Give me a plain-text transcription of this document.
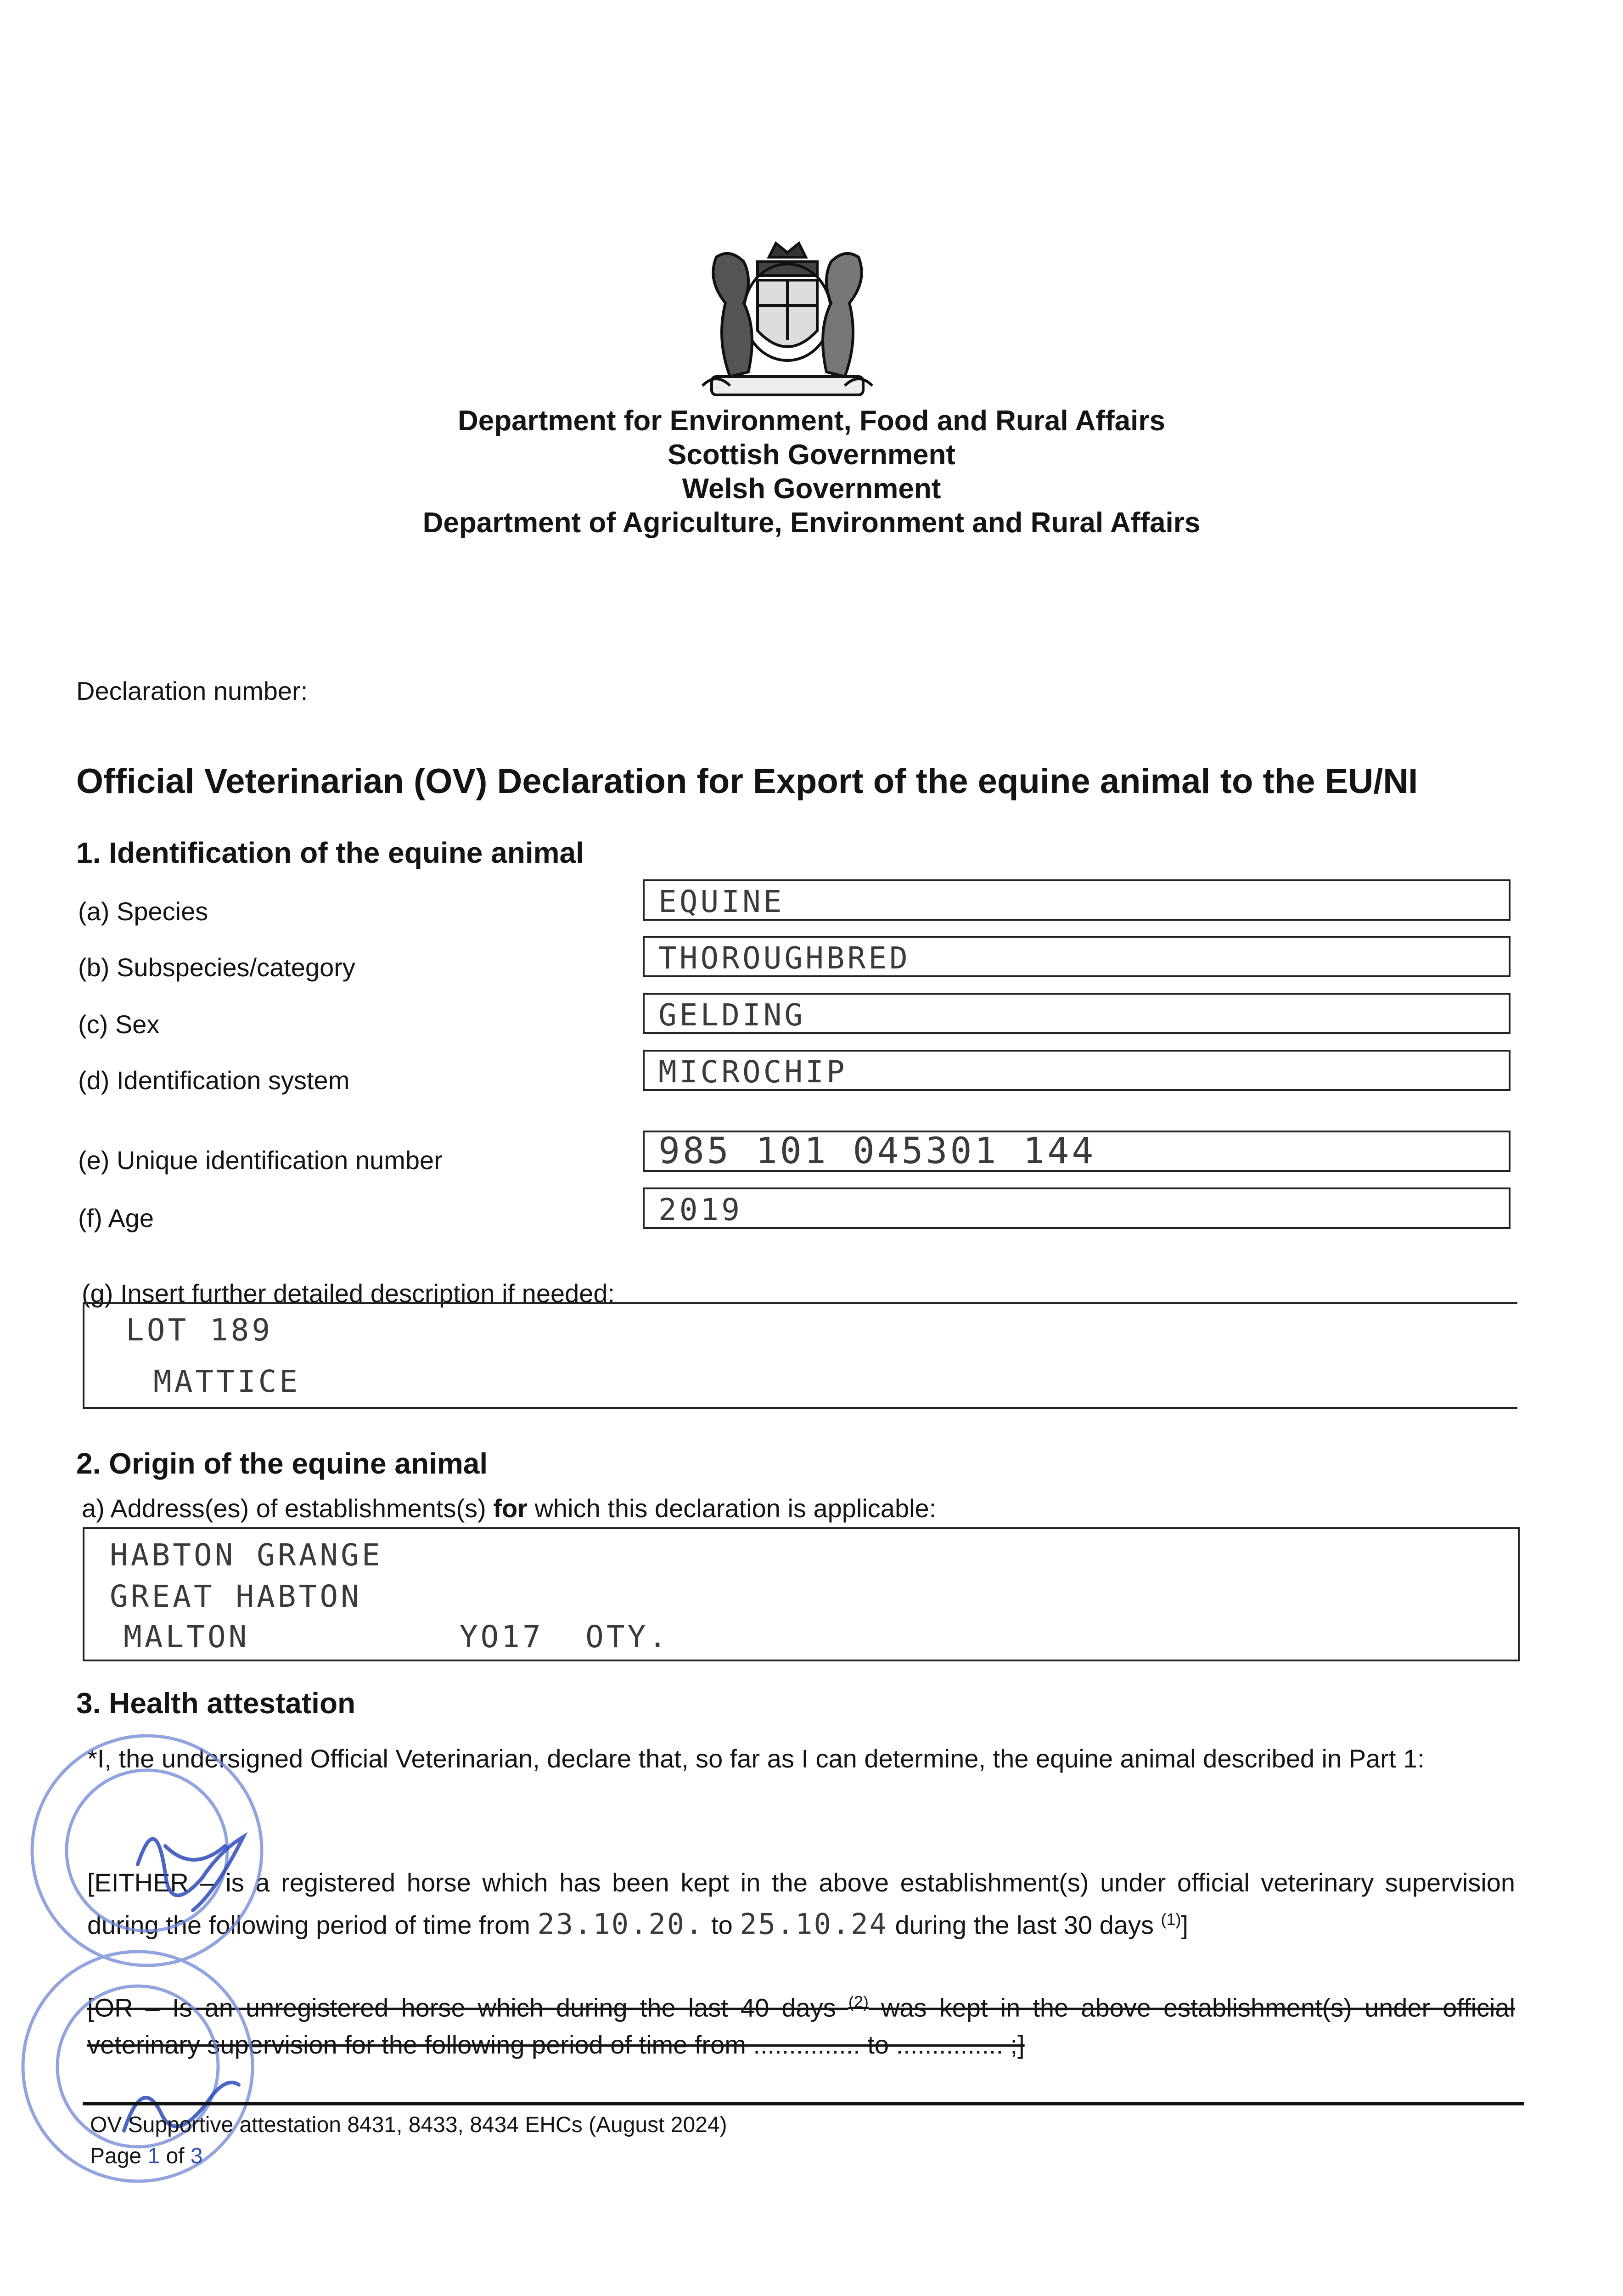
Department for Environment, Food and Rural Affairs
Scottish Government
Welsh Government
Department of Agriculture, Environment and Rural Affairs
Declaration number:
Official Veterinarian (OV) Declaration for Export of the equine animal to the EU/NI
1. Identification of the equine animal
(a) Species	EQUINE
(b) Subspecies/category	THOROUGHBRED
(c) Sex	GELDING
(d) Identification system	MICROCHIP
(e) Unique identification number	985 101 045301 144
(f) Age	2019
(g) Insert further detailed description if needed:
LOT 189
MATTICE
2. Origin of the equine animal
a) Address(es) of establishments(s) for which this declaration is applicable:
HABTON GRANGE
GREAT HABTON
MALTON          YO17  OTY.
3. Health attestation
*I, the undersigned Official Veterinarian, declare that, so far as I can determine, the equine animal described in Part 1:
[EITHER – is a registered horse which has been kept in the above establishment(s) under official veterinary supervision during the following period of time from 23.10.20. to 25.10.24 during the last 30 days $^{(1)}$]
[OR – Is an unregistered horse which during the last 40 days $^{(2)}$ was kept in the above establishment(s) under official veterinary supervision for the following period of time from ............... to ............... ;]
OV Supportive attestation 8431, 8433, 8434 EHCs (August 2024)
Page 1 of 3
